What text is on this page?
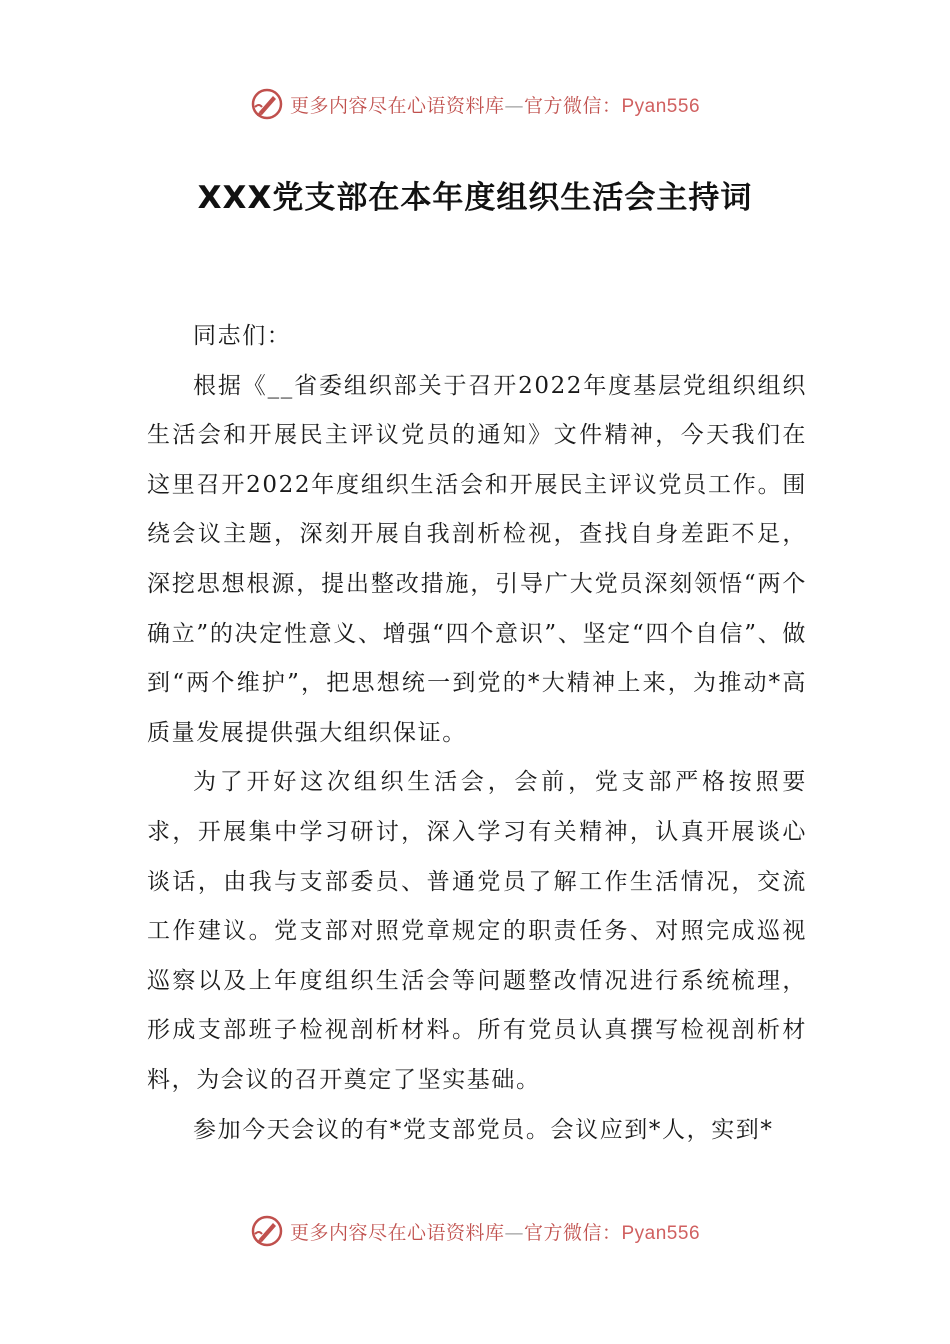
更多内容尽在心语资料库—官方微信：Pyan556
XXX党支部在本年度组织生活会主持词

同志们：

根据《__省委组织部关于召开2022年度基层党组织组织生活会和开展民主评议党员的通知》文件精神，今天我们在这里召开2022年度组织生活会和开展民主评议党员工作。围绕会议主题，深刻开展自我剖析检视，查找自身差距不足，深挖思想根源，提出整改措施，引导广大党员深刻领悟“两个确立”的决定性意义、增强“四个意识”、坚定“四个自信”、做到“两个维护”，把思想统一到党的*大精神上来，为推动*高质量发展提供强大组织保证。

为了开好这次组织生活会，会前，党支部严格按照要求，开展集中学习研讨，深入学习有关精神，认真开展谈心谈话，由我与支部委员、普通党员了解工作生活情况，交流工作建议。党支部对照党章规定的职责任务、对照完成巡视巡察以及上年度组织生活会等问题整改情况进行系统梳理，形成支部班子检视剖析材料。所有党员认真撰写检视剖析材料，为会议的召开奠定了坚实基础。

参加今天会议的有*党支部党员。会议应到*人，实到*

更多内容尽在心语资料库—官方微信：Pyan556
